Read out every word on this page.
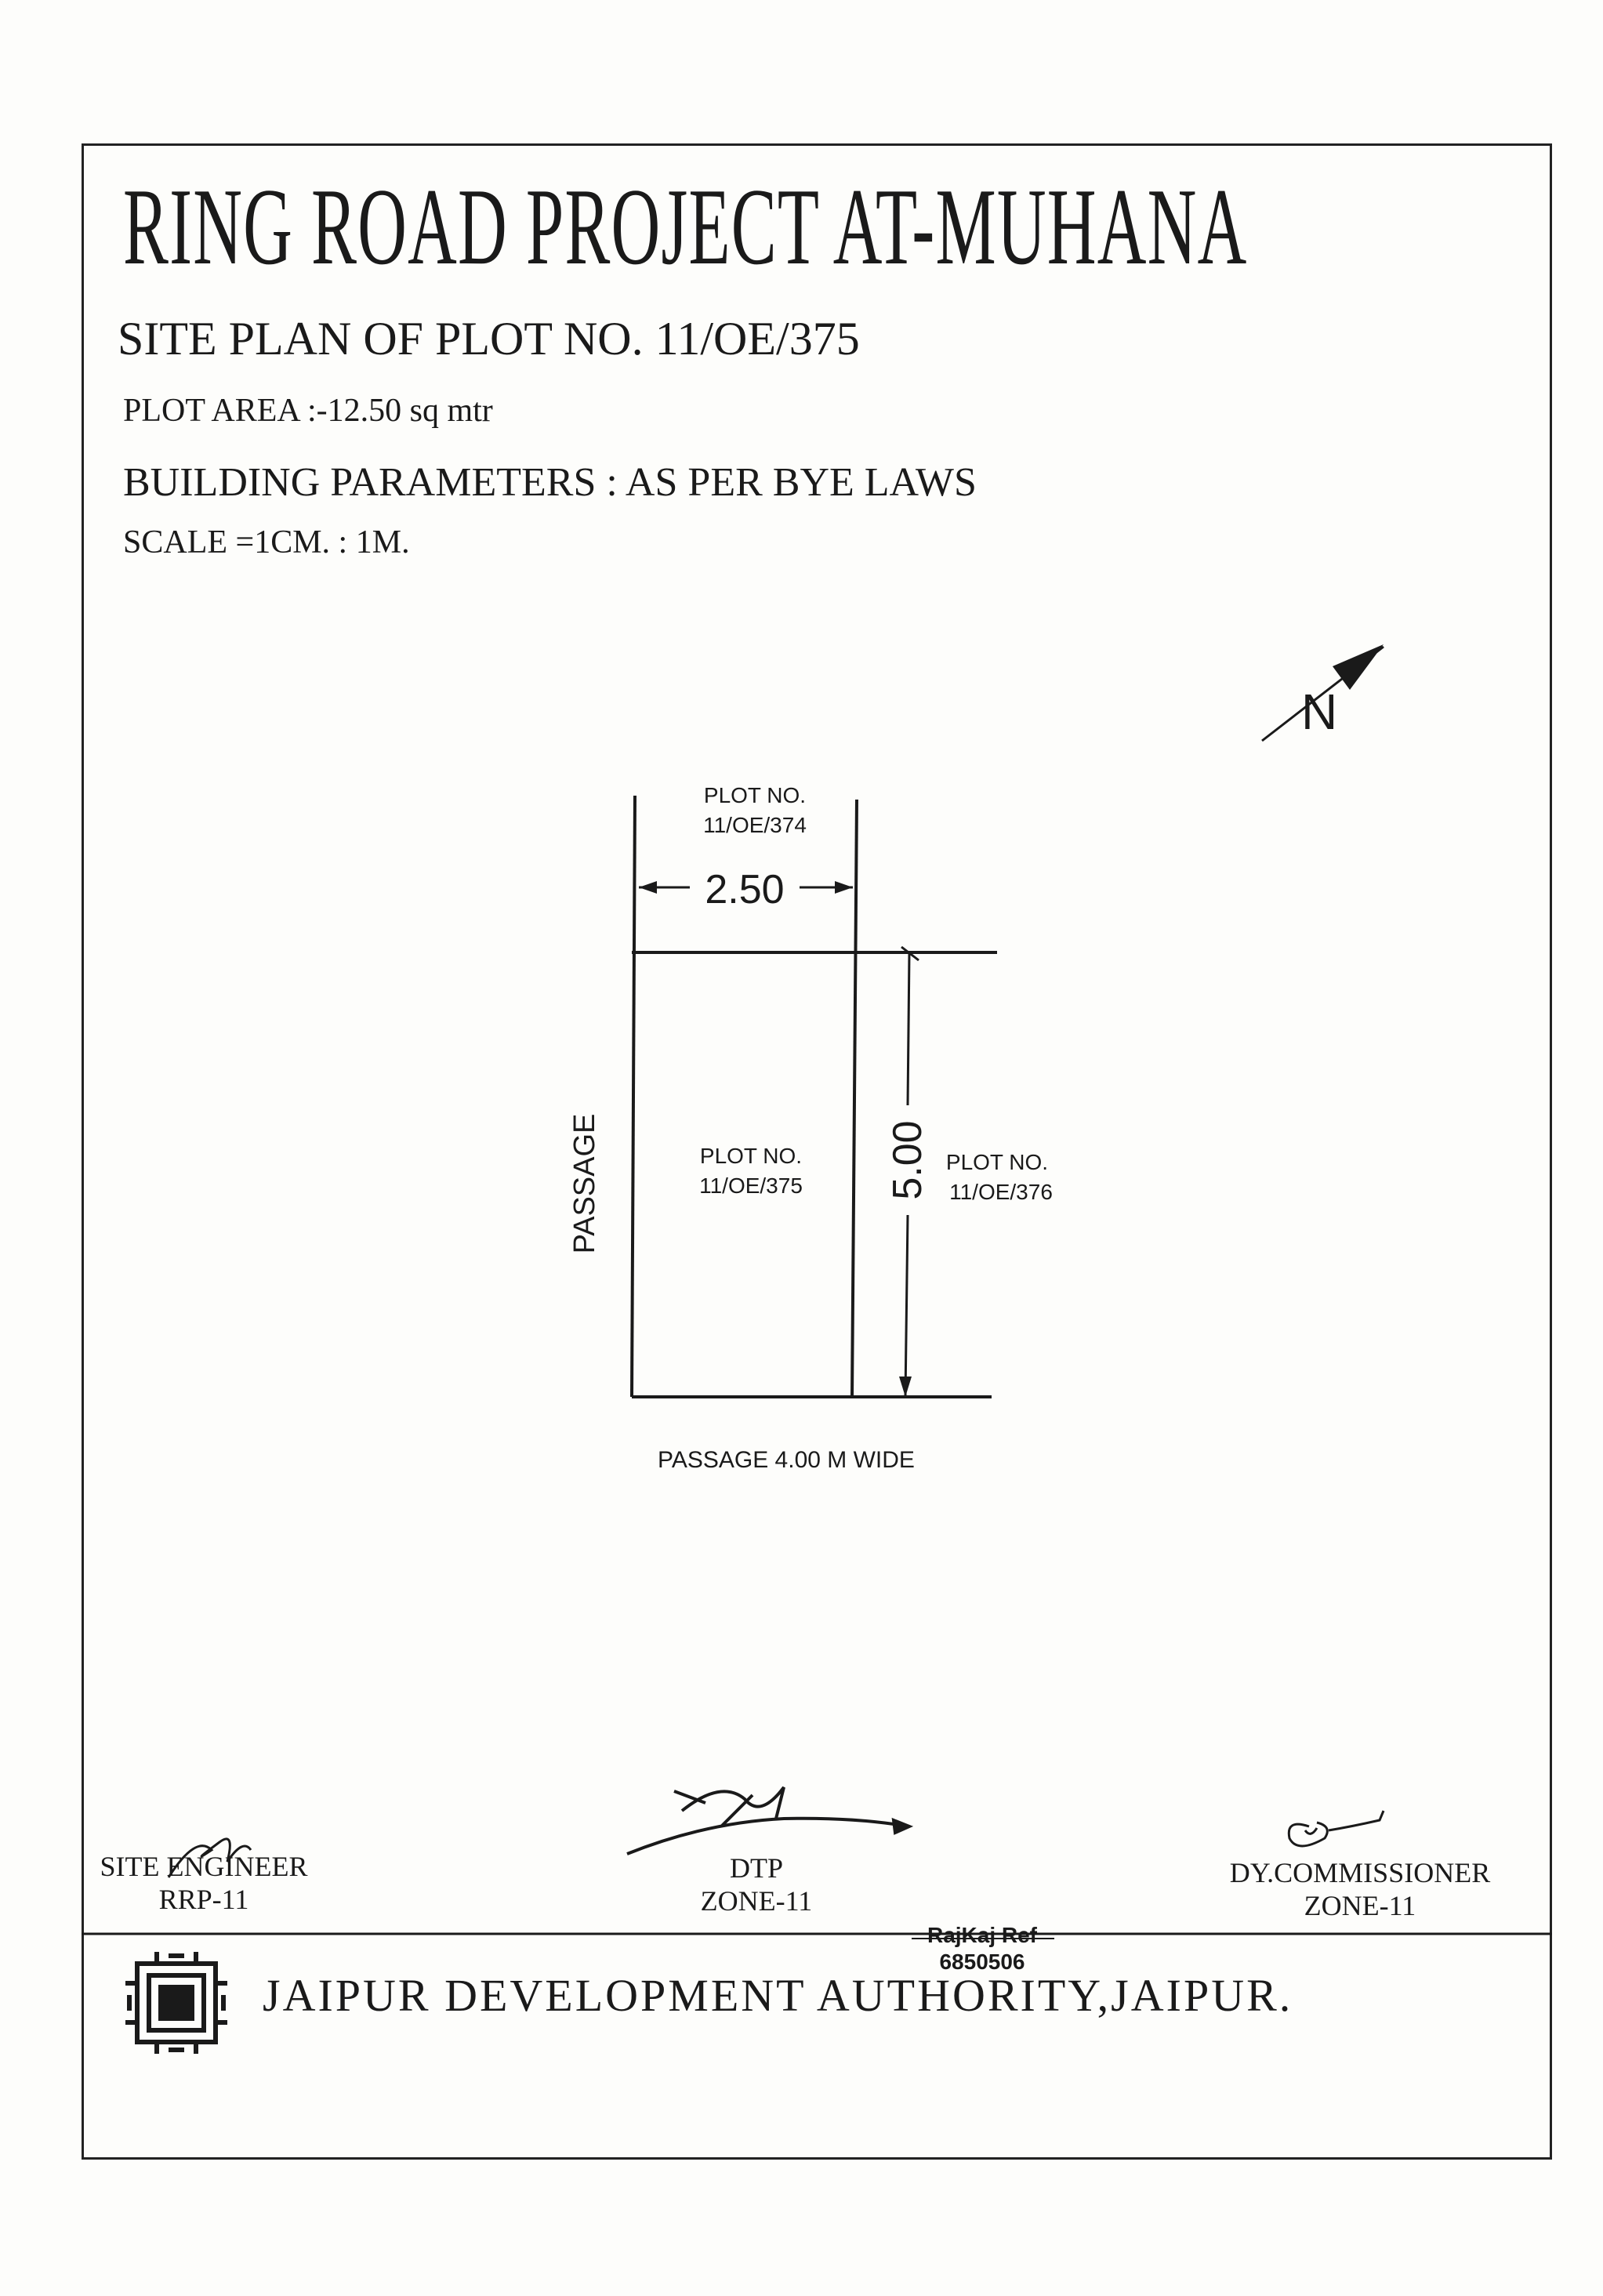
RING ROAD PROJECT AT-MUHANA
SITE PLAN OF PLOT NO. 11/OE/375
PLOT AREA :-12.50 sq mtr
BUILDING PARAMETERS : AS PER BYE LAWS
SCALE =1CM. : 1M.
N
2.50
5.00
PLOT NO.
11/OE/374
PLOT NO.
11/OE/375
PLOT NO.
11/OE/376
PASSAGE
PASSAGE 4.00 M WIDE
SITE ENGINEER
RRP-11
DTP
ZONE-11
DY.COMMISSIONER
ZONE-11
RajKaj Ref
6850506
JAIPUR DEVELOPMENT AUTHORITY,JAIPUR.
